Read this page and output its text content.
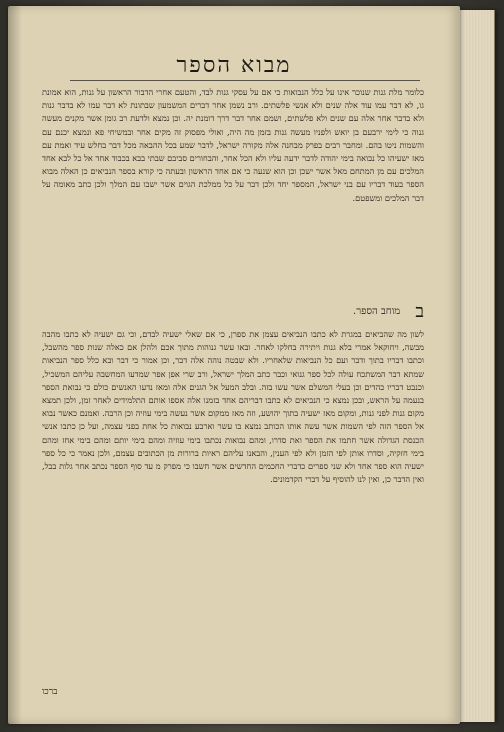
מבוא הספר
כלומר מלת גנות שנוכר אינו על כלל הנבואות כי אם על עסקי גנות לבד, והטעם אחרי הדבור הראשון על גנות, הוא אמונת גו, לא דבר עמו עוד אלה שנים ולא אנשי פלשתים. ורב נשמן אחר דברים המשמעון שבתונת לא דבר עמו לא בדבר גנות ולא בדבר אחר אלה עם שנים ולא פלשתים, ושמם אחר דבר דרך דומנת יה. וכן נמצא ולדעת רב גומן אשר מקנים מעשה גנוה כי לימי ירבעם בן יואש ולפניו מעשה גנות בזמן מה היה, ואולי מפסוק זה מקים אחר ובמשיחי פא ונמצא יכנם עם והשמות ניטו בהם. ומחבר רבים בפרק מבחנה אלה מקורה ישראל, לדבר שמע בכל ההבאה מכל דבר בחלש עיד ואמת עם מאז ישעיהו כל נבואה בימי יהודה לדבר ידעה עליו ולא הכל אחר, והבחורים סביבם שבתי בבא בכבוד אחד אל כל לבא אחד המלכים עם מן המתחם מאל אשר ישכן וכן הוא שנעה כי אם אחד הראשון ובעתה כי קורא בספר הנביאים כן האלה מבוא הספר בעוד דבריו עם בני ישראל, המספר יחד ולכן דבר על כל ממלכת הגוים אשר ישבו עם המלך ולכן כתב מאומה על דבר המלכים ומשפטם.
ב מוחב הספר.
לשון מה שהביאים במגרת לא כתבו הנביאים עצמן את ספרן, כי אם שאלי ישעיה לבדם, וכי גם ישעיה לא כתבו מהבה מבשה, ויחוקאל אמרי בלא גנות ויתירה בחלקו לאחר. ובאו עשר גנוהות מתוך אכם ולהלן אם כאלה שנות ספר מהשבל, וכתבו דבריו בתוך ודבר ועם כל הנביאות שלאחריו. ולא שבטה נוהה אלה דבר, וכן אמור כי דבר ובא כלל ספר הנביאות שמתא דבר המשתכח עולה לכל ספר גנואי וכבר כתב המלך ישראל, ורב שרי אפן אפר שמדעו המחשבה עליהם המשכיל, וכנבט דבריו כהדים וכן בעלי המשלם אשר עשו בזה. ובלב המעל אל הגנים אלה ומאז נדעו האנשים כולם כי נבואת הספר בנעמה על הראש, ובכן נמצא כי הנביאים לא כתבו דבריהם אחד בזמנו אלה אספו אותם התלמידים לאחר זמן, ולכן תמצא מקום גנות לפני גנות, ומקום מאז ישעיה בתוך יהושע, וזה מאז ממקום אשר נעשה בימי עוזיה וכן הרבה. ואמנם כאשר נבוא אל הספר הזה לפי השמות אשר עשה אותו הכותב נמצא בו עשר וארבע נבואות כל אחת בפני עצמה, ועל כן כתבו אנשי הכנסת הגדולה אשר חתמו את הספר ואת סדרו, ומהם נבואות נכתבו בימי עוזיה ומהם בימי יותם ומהם בימי אחז ומהם בימי חזקיה, וסדרו אותן לפי הזמן ולא לפי הענין, והבאנו עליהם ראיות ברורות מן הכתובים עצמם, ולכן נאמר כי כל ספר ישעיה הוא ספר אחד ולא שני ספרים כדברי החכמים החדשים אשר חשבו כי מפרק מ עד סוף הספר נכתב אחר גלות בבל, ואין הדבר כן, ואין לנו להוסיף על דברי הקדמונים.
ברכו
